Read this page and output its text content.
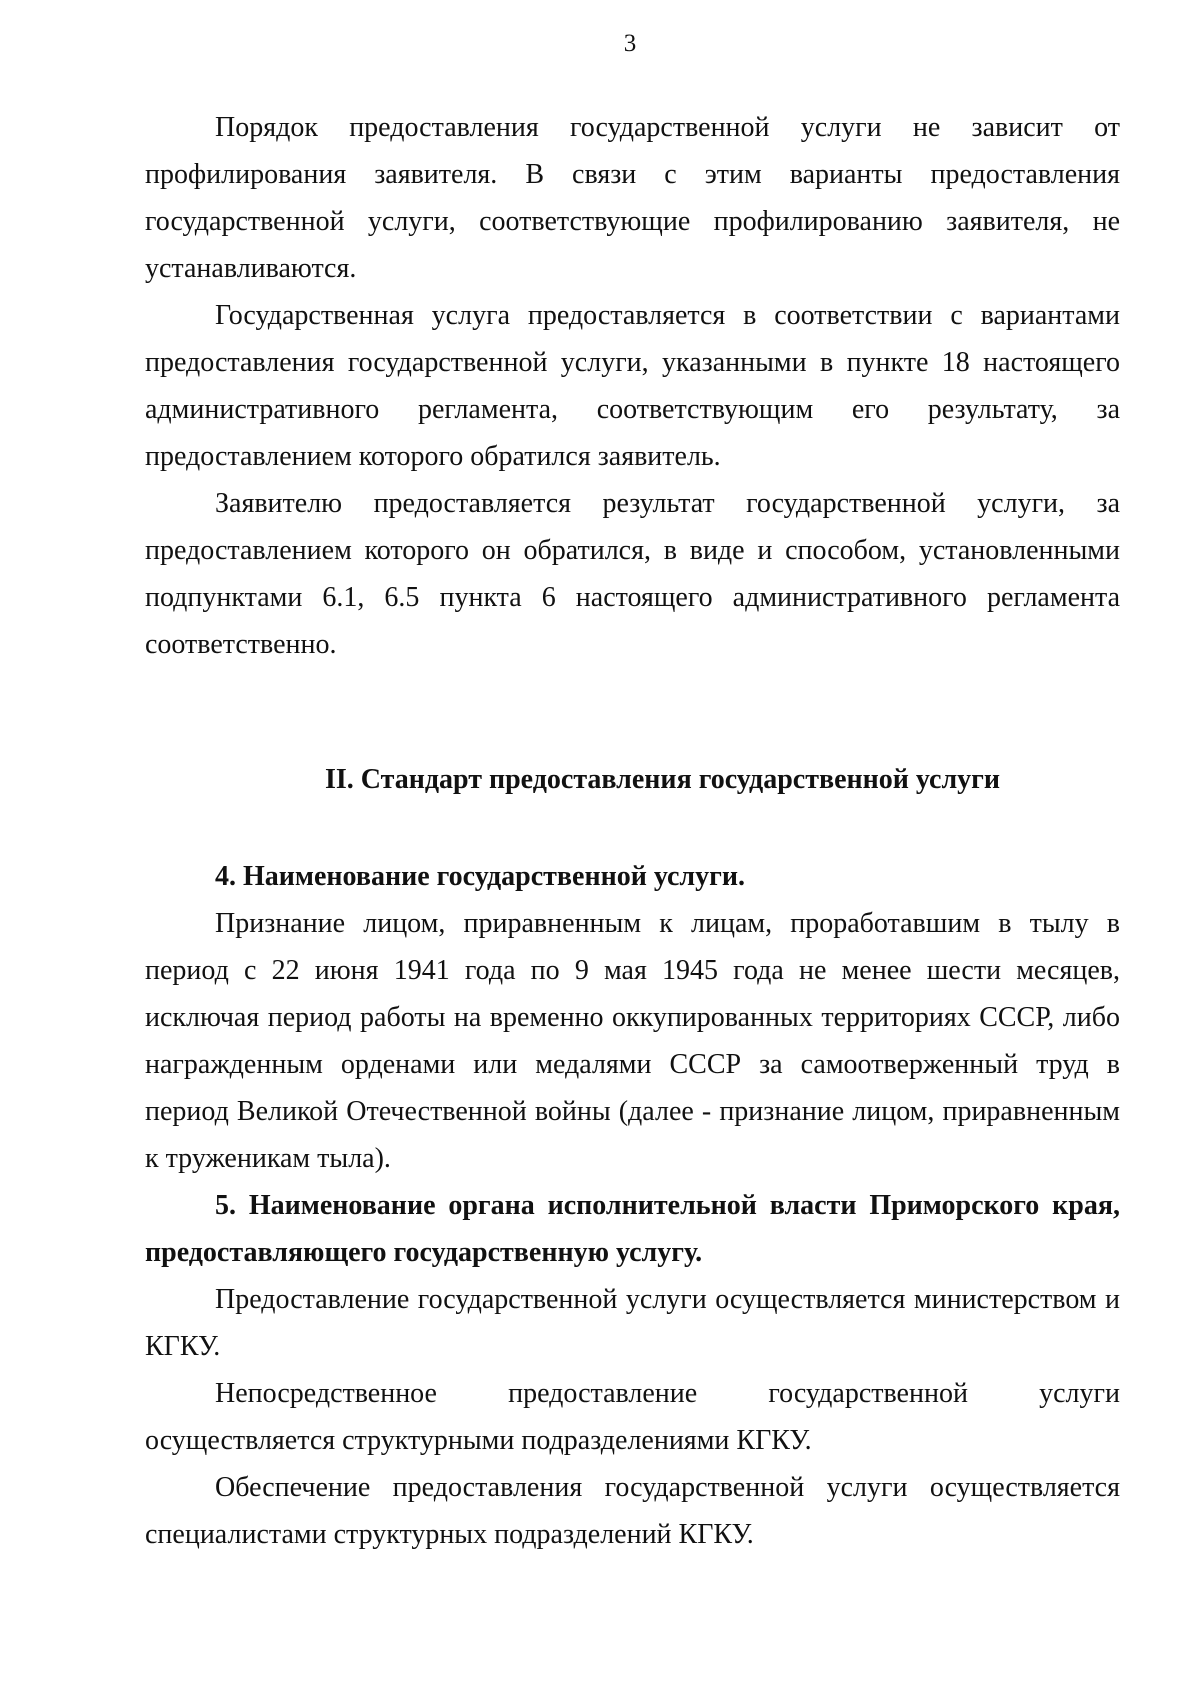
3

Порядок предоставления государственной услуги не зависит от профилирования заявителя. В связи с этим варианты предоставления государственной услуги, соответствующие профилированию заявителя, не устанавливаются.

Государственная услуга предоставляется в соответствии с вариантами предоставления государственной услуги, указанными в пункте 18 настоящего административного регламента, соответствующим его результату, за предоставлением которого обратился заявитель.

Заявителю предоставляется результат государственной услуги, за предоставлением которого он обратился, в виде и способом, установленными подпунктами 6.1, 6.5 пункта 6 настоящего административного регламента соответственно.

II. Стандарт предоставления государственной услуги

4. Наименование государственной услуги.

Признание лицом, приравненным к лицам, проработавшим в тылу в период с 22 июня 1941 года по 9 мая 1945 года не менее шести месяцев, исключая период работы на временно оккупированных территориях СССР, либо награжденным орденами или медалями СССР за самоотверженный труд в период Великой Отечественной войны (далее - признание лицом, приравненным к труженикам тыла).

5. Наименование органа исполнительной власти Приморского края, предоставляющего государственную услугу.

Предоставление государственной услуги осуществляется министерством и КГКУ.

Непосредственное предоставление государственной услуги осуществляется структурными подразделениями КГКУ.

Обеспечение предоставления государственной услуги осуществляется специалистами структурных подразделений КГКУ.
